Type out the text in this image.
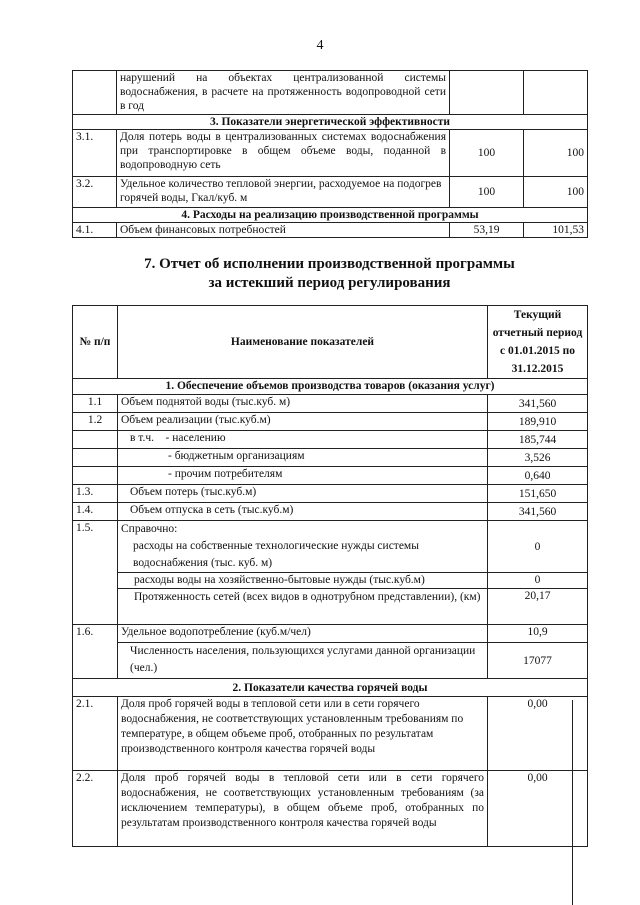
4
	нарушений на объектах централизованной системы водоснабжения, в расчете на протяженность водопроводной сети в год		
3. Показатели энергетической эффективности			
3.1.	Доля потерь воды в централизованных системах водоснабжения при транспортировке в общем объеме воды, поданной в водопроводную сеть	100	100
3.2.	Удельное количество тепловой энергии, расходуемое на подогрев горячей воды, Гкал/куб. м	100	100
4. Расходы на реализацию производственной программы			
4.1.	Объем финансовых потребностей	53,19	101,53
7. Отчет об исполнении производственной программы
за истекший период регулирования
№ п/п	Наименование показателей	Текущий
отчетный период
с 01.01.2015 по
31.12.2015

1. Обеспечение объемов производства товаров (оказания услуг)		
1.1	Объем поднятой воды (тыс.куб. м)	341,560
1.2	Объем реализации (тыс.куб.м)	189,910
	в т.ч.    - населению	185,744
	- бюджетным организациям	3,526
	- прочим потребителям	0,640
1.3.	Объем потерь (тыс.куб.м)	151,650
1.4.	Объем отпуска в сеть (тыс.куб.м)	341,560
1.5.	Справочно:
расходы на собственные технологические нужды системы водоснабжения (тыс. куб. м)	0
	расходы воды на хозяйственно-бытовые нужды (тыс.куб.м)	0
	Протяженность сетей (всех видов в однотрубном представлении), (км)	20,17
1.6.	Удельное водопотребление (куб.м/чел)	10,9
	Численность населения, пользующихся услугами данной организации (чел.)	17077
2. Показатели качества горячей воды		
2.1.	Доля проб горячей воды в тепловой сети или в сети горячего водоснабжения, не соответствующих установленным требованиям по температуре, в общем объеме проб, отобранных по результатам производственного контроля качества горячей воды	0,00
2.2.	Доля проб горячей воды в тепловой сети или в сети горячего водоснабжения, не соответствующих установленным требованиям (за исключением температуры), в общем объеме проб, отобранных по результатам производственного контроля качества горячей воды	0,00
